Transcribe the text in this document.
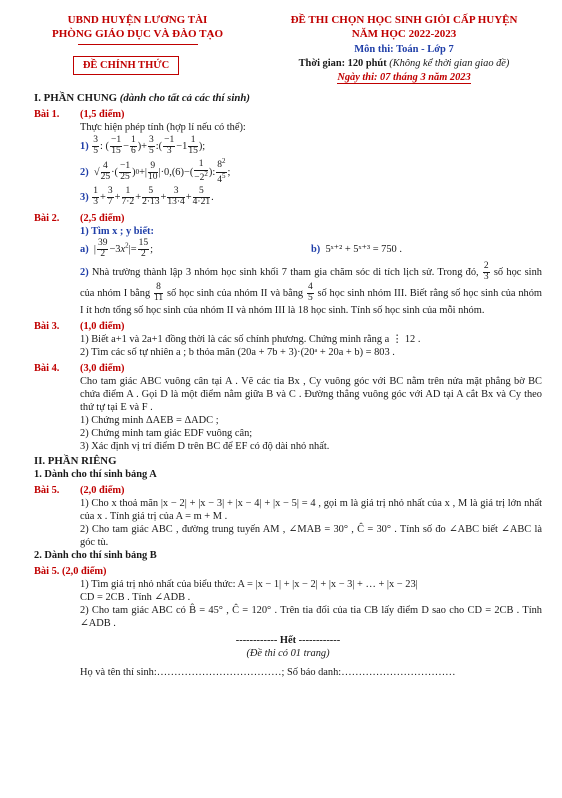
UBND HUYỆN LƯƠNG TÀI
PHÒNG GIÁO DỤC VÀ ĐÀO TẠO
ĐỀ CHÍNH THỨC
ĐỀ THI CHỌN HỌC SINH GIỎI CẤP HUYỆN
NĂM HỌC 2022-2023
Môn thi: Toán - Lớp 7
Thời gian: 120 phút (Không kể thời gian giao đề)
Ngày thi: 07 tháng 3 năm 2023
I. PHẦN CHUNG (dành cho tất cả các thí sinh)
Bài 1.	(1,5 điểm)
Thực hiện phép tính (hợp lí nếu có thể):
1)
$\frac{3}{5}$ : ( $\frac{-1}{15} - \frac{1}{6}$ )+ $\frac{3}{5}$ :( $\frac{-1}{3} -1 \frac{1}{15}$ );
2) √ $\frac{4}{25}$ ·( $\frac{-1}{25}$ ) 0 +| $\frac{9}{10} |\cdot 0,(6)-( \frac{1}{-2^2}$ ): $\frac{8^2}{4^5}$ ;
3)
$\frac{1}{3} + \frac{3}{7} + \frac{1}{7\cdot 2} + \frac{5}{2\cdot 13} + \frac{3}{13\cdot 4} + \frac{5}{4\cdot 21}$ .
Bài 2.	(2,5 điểm)
1) Tìm x ; y biết:
a)  | $\frac{39}{2} -3x^2|= \frac{15}{2}$ ;	b) 5ˣ⁺² + 5ˣ⁺³ = 750 .
2) Nhà trường thành lập 3 nhóm học sinh khối 7 tham gia chăm sóc di tích lịch sử. Trong đó, $\frac{2}{3}$ số học sinh của nhóm I bằng $\frac{8}{11}$ số học sinh của nhóm II và bằng $\frac{4}{5}$ số học sinh nhóm III. Biết rằng số học sinh của nhóm I ít hơn tổng số học sinh của nhóm II và nhóm III là 18 học sinh. Tính số học sinh của mỗi nhóm.
Bài 3.	(1,0 điểm)
1) Biết a+1 và 2a+1 đồng thời là các số chính phương. Chứng minh rằng a ⋮ 12 .
2) Tìm các số tự nhiên a ; b thỏa mãn (20a + 7b + 3)·(20ᵃ + 20a + b) = 803 .
Bài 4.	(3,0 điểm)
Cho tam giác ABC vuông cân tại A . Vẽ các tia Bx , Cy vuông góc với BC nằm trên nửa mặt phẳng bờ BC chứa điểm A . Gọi D là một điểm nằm giữa B và C . Đường thẳng vuông góc với AD tại A cắt Bx và Cy theo thứ tự tại E và F .
1) Chứng minh ΔAEB = ΔADC ;
2) Chứng minh tam giác EDF vuông cân;
3) Xác định vị trí điểm D trên BC để EF có độ dài nhỏ nhất.
II. PHẦN RIÊNG
1. Dành cho thí sinh bảng A
Bài 5.	(2,0 điểm)
1) Cho x thoả mãn |x − 2| + |x − 3| + |x − 4| + |x − 5| = 4 , gọi m là giá trị nhỏ nhất của x , M là giá trị lớn nhất của x . Tính giá trị của A = m + M .
2) Cho tam giác ABC , đường trung tuyến AM , ∠MAB = 30° , Ĉ = 30° . Tính số đo ∠ABC biết ∠ABC là góc tù.
2. Dành cho thí sinh bảng B
Bài 5. (2,0 điểm)
1) Tìm giá trị nhỏ nhất của biểu thức: A = |x − 1| + |x − 2| + |x − 3| + … + |x − 23|
CD = 2CB . Tính ∠ADB .
2) Cho tam giác ABC có B̂ = 45° , Ĉ = 120° . Trên tia đối của tia CB lấy điểm D sao cho CD = 2CB . Tính ∠ADB .
------------ Hết ------------
(Đề thi có 01 trang)
Họ và tên thí sinh:………………………………; Số báo danh:……………………………
